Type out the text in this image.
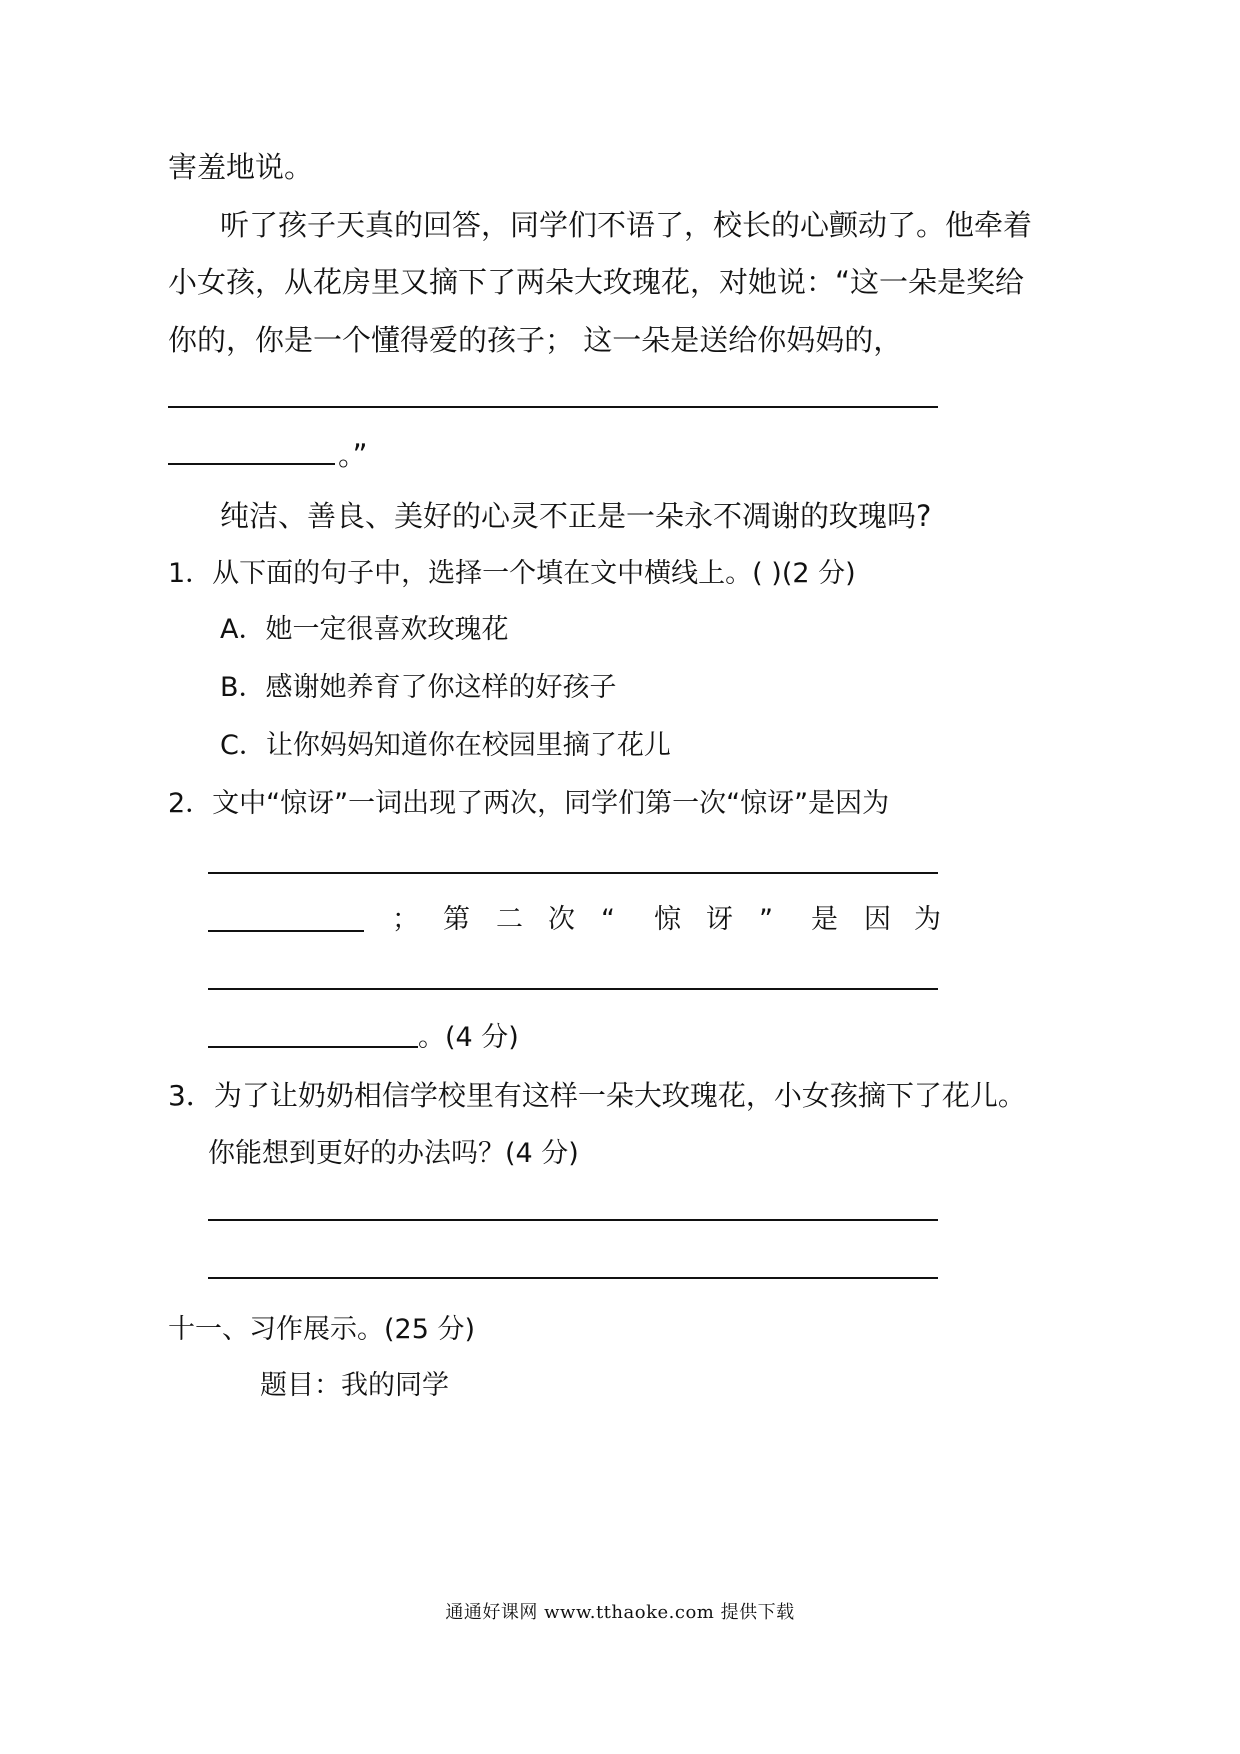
害羞地说。
听了孩子天真的回答，同学们不语了，校长的心颤动了。他牵着
小女孩，从花房里又摘下了两朵大玫瑰花，对她说：“这一朵是奖给
你的，你是一个懂得爱的孩子； 这一朵是送给你妈妈的，
。”
纯洁、善良、美好的心灵不正是一朵永不凋谢的玫瑰吗?
1．从下面的句子中，选择一个填在文中横线上。( )(2 分)
A．她一定很喜欢玫瑰花
B．感谢她养育了你这样的好孩子
C．让你妈妈知道你在校园里摘了花儿
2．文中“惊讶”一词出现了两次，同学们第一次“惊讶”是因为
； 第 二 次 “ 惊 讶 ” 是 因 为
。(4 分)
3．为了让奶奶相信学校里有这样一朵大玫瑰花，小女孩摘下了花儿。
你能想到更好的办法吗？(4 分)
十一、习作展示。(25 分)
题目：我的同学
通通好课网 www.tthaoke.com 提供下载
